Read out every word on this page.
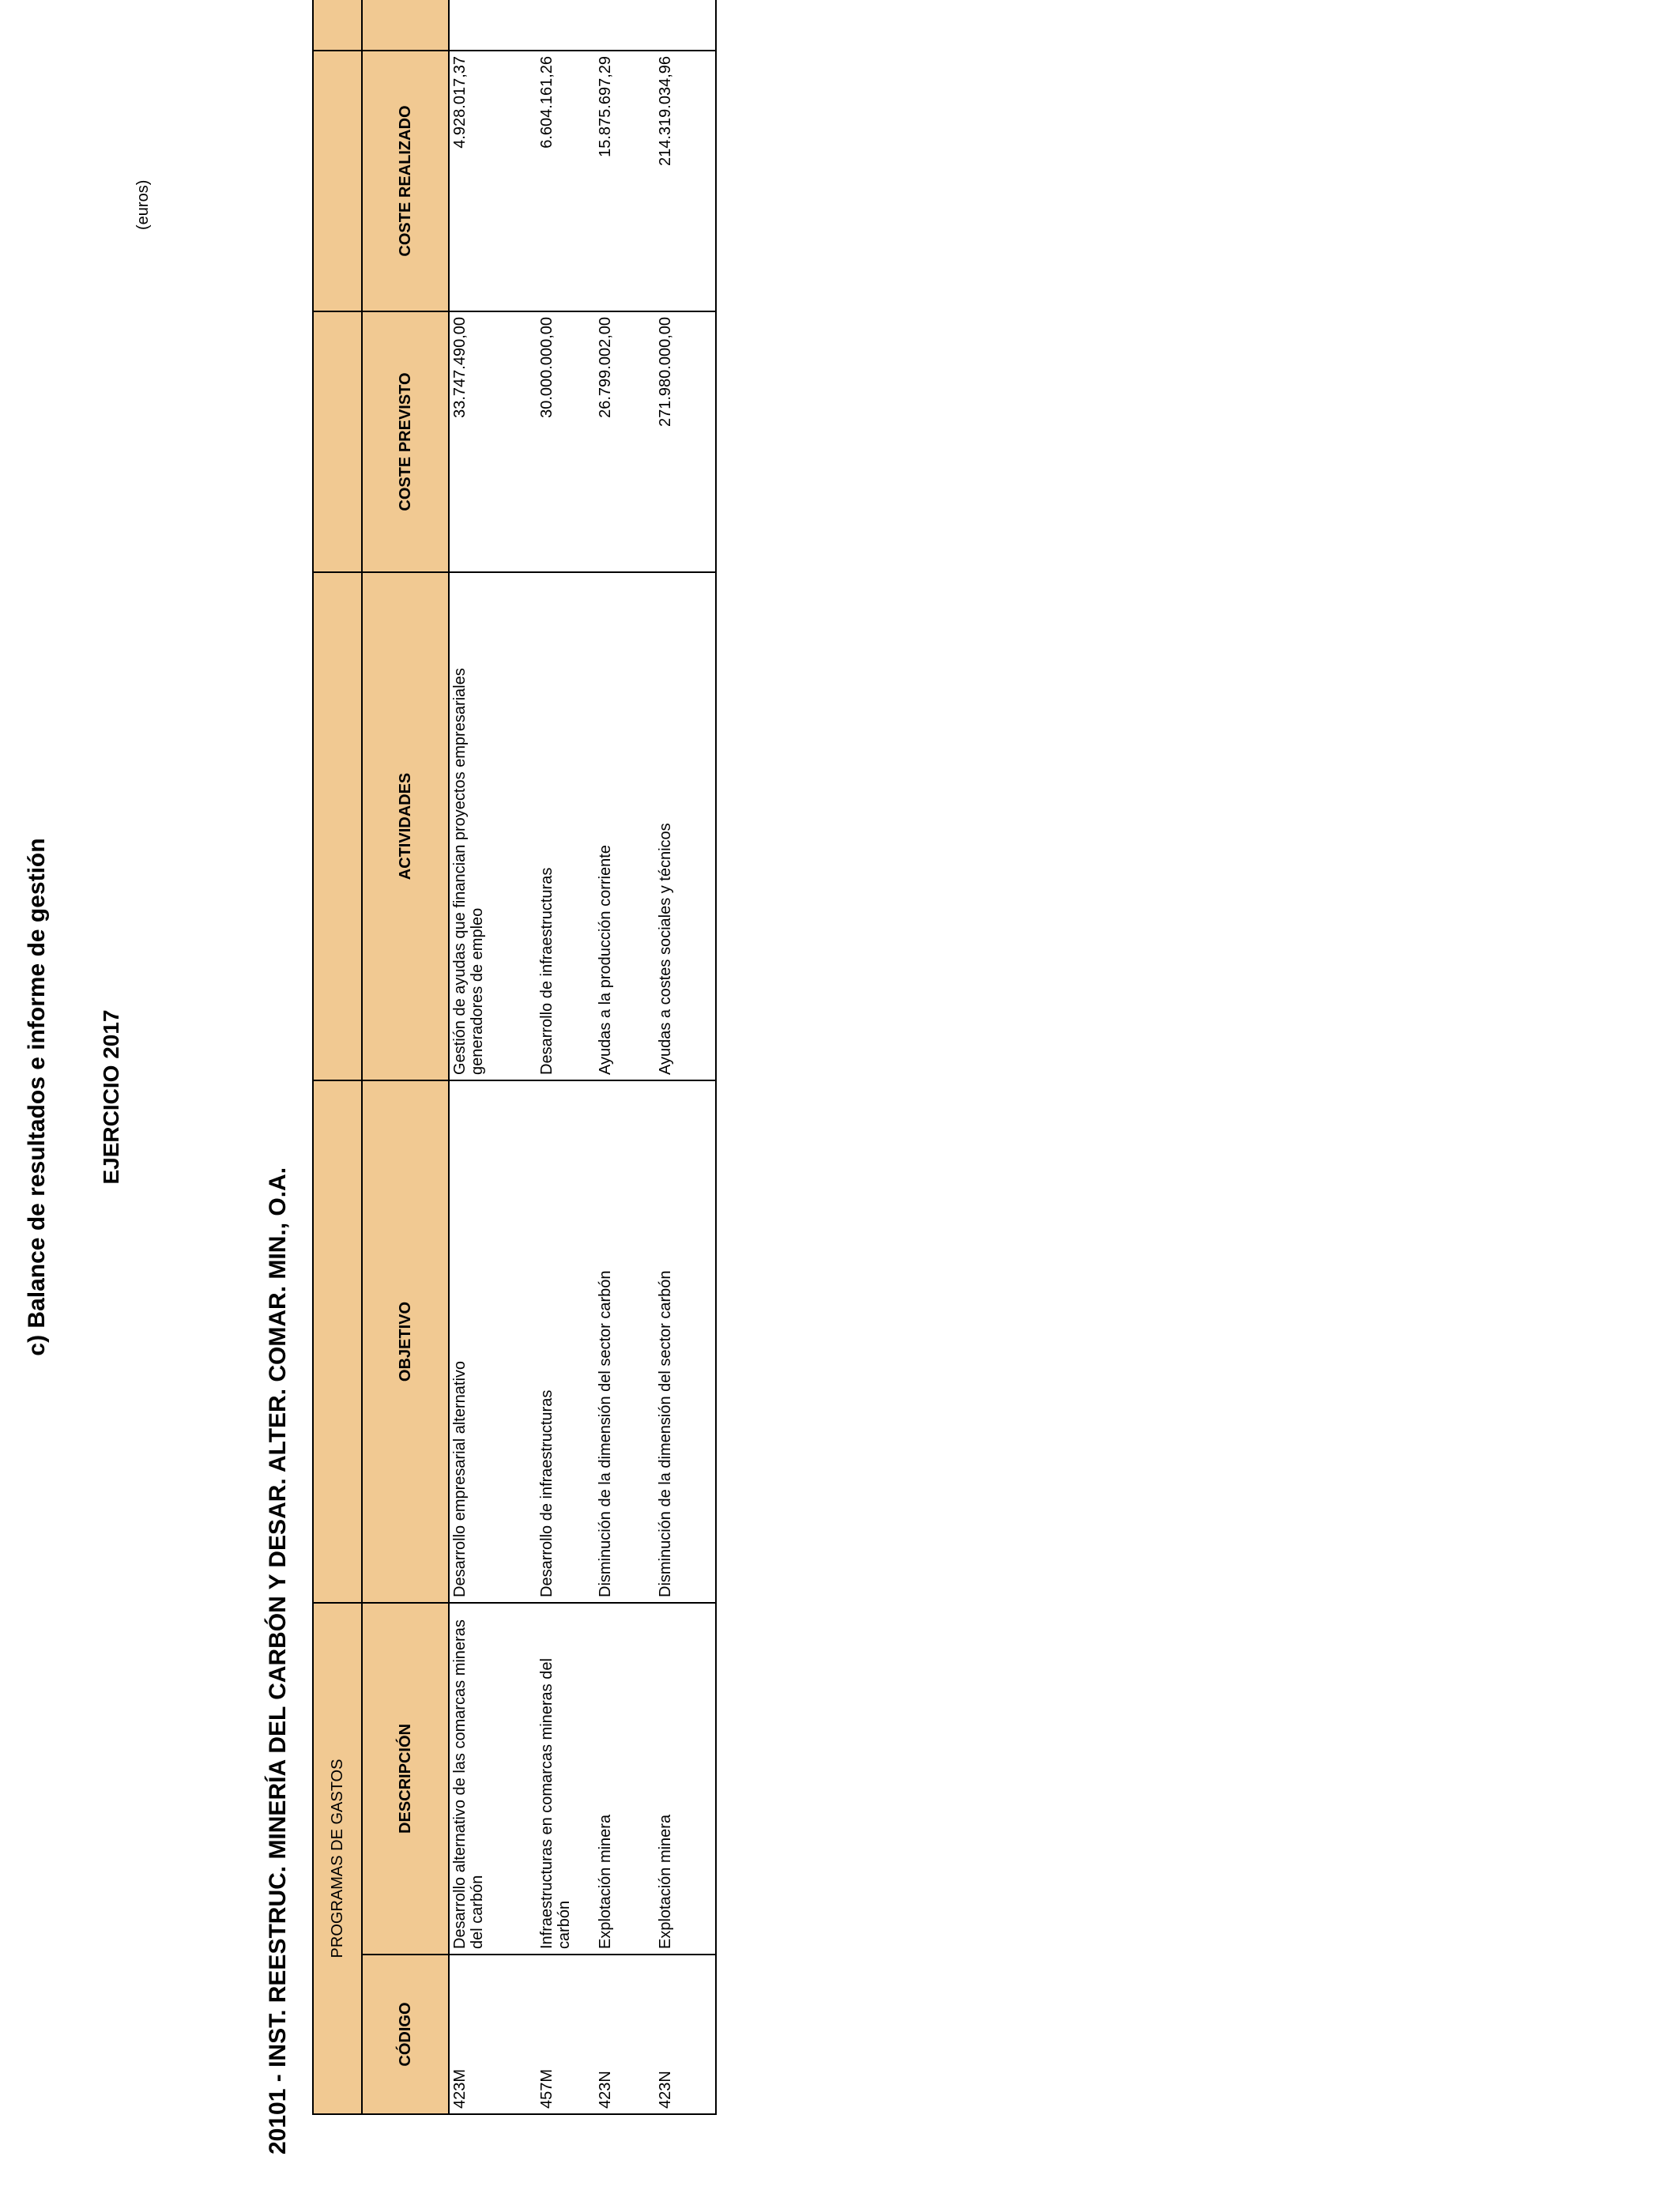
c) Balance de resultados e informe de gestión EJERCICIO 2017
20101 - INST. REESTRUC. MINERÍA DEL CARBÓN Y DESAR. ALTER. COMAR. MIN., O.A.
(euros)
PROGRAMAS DE GASTOS					
CÓDIGO	DESCRIPCIÓN	OBJETIVO	ACTIVIDADES	COSTE PREVISTO	COSTE REALIZADO		
423M	Desarrollo alternativo de las comarcas mineras del carbón	Desarrollo empresarial alternativo	Gestión de ayudas que financian proyectos empresariales generadores de empleo	33.747.490,00	4.928.017,37		
457M	Infraestructuras en comarcas mineras del carbón	Desarrollo de infraestructuras	Desarrollo de infraestructuras	30.000.000,00	6.604.161,26		
423N	Explotación minera	Disminución de la dimensión del sector carbón	Ayudas a la producción corriente	26.799.002,00	15.875.697,29		
423N	Explotación minera	Disminución de la dimensión del sector carbón	Ayudas a costes sociales y técnicos	271.980.000,00	214.319.034,96		
